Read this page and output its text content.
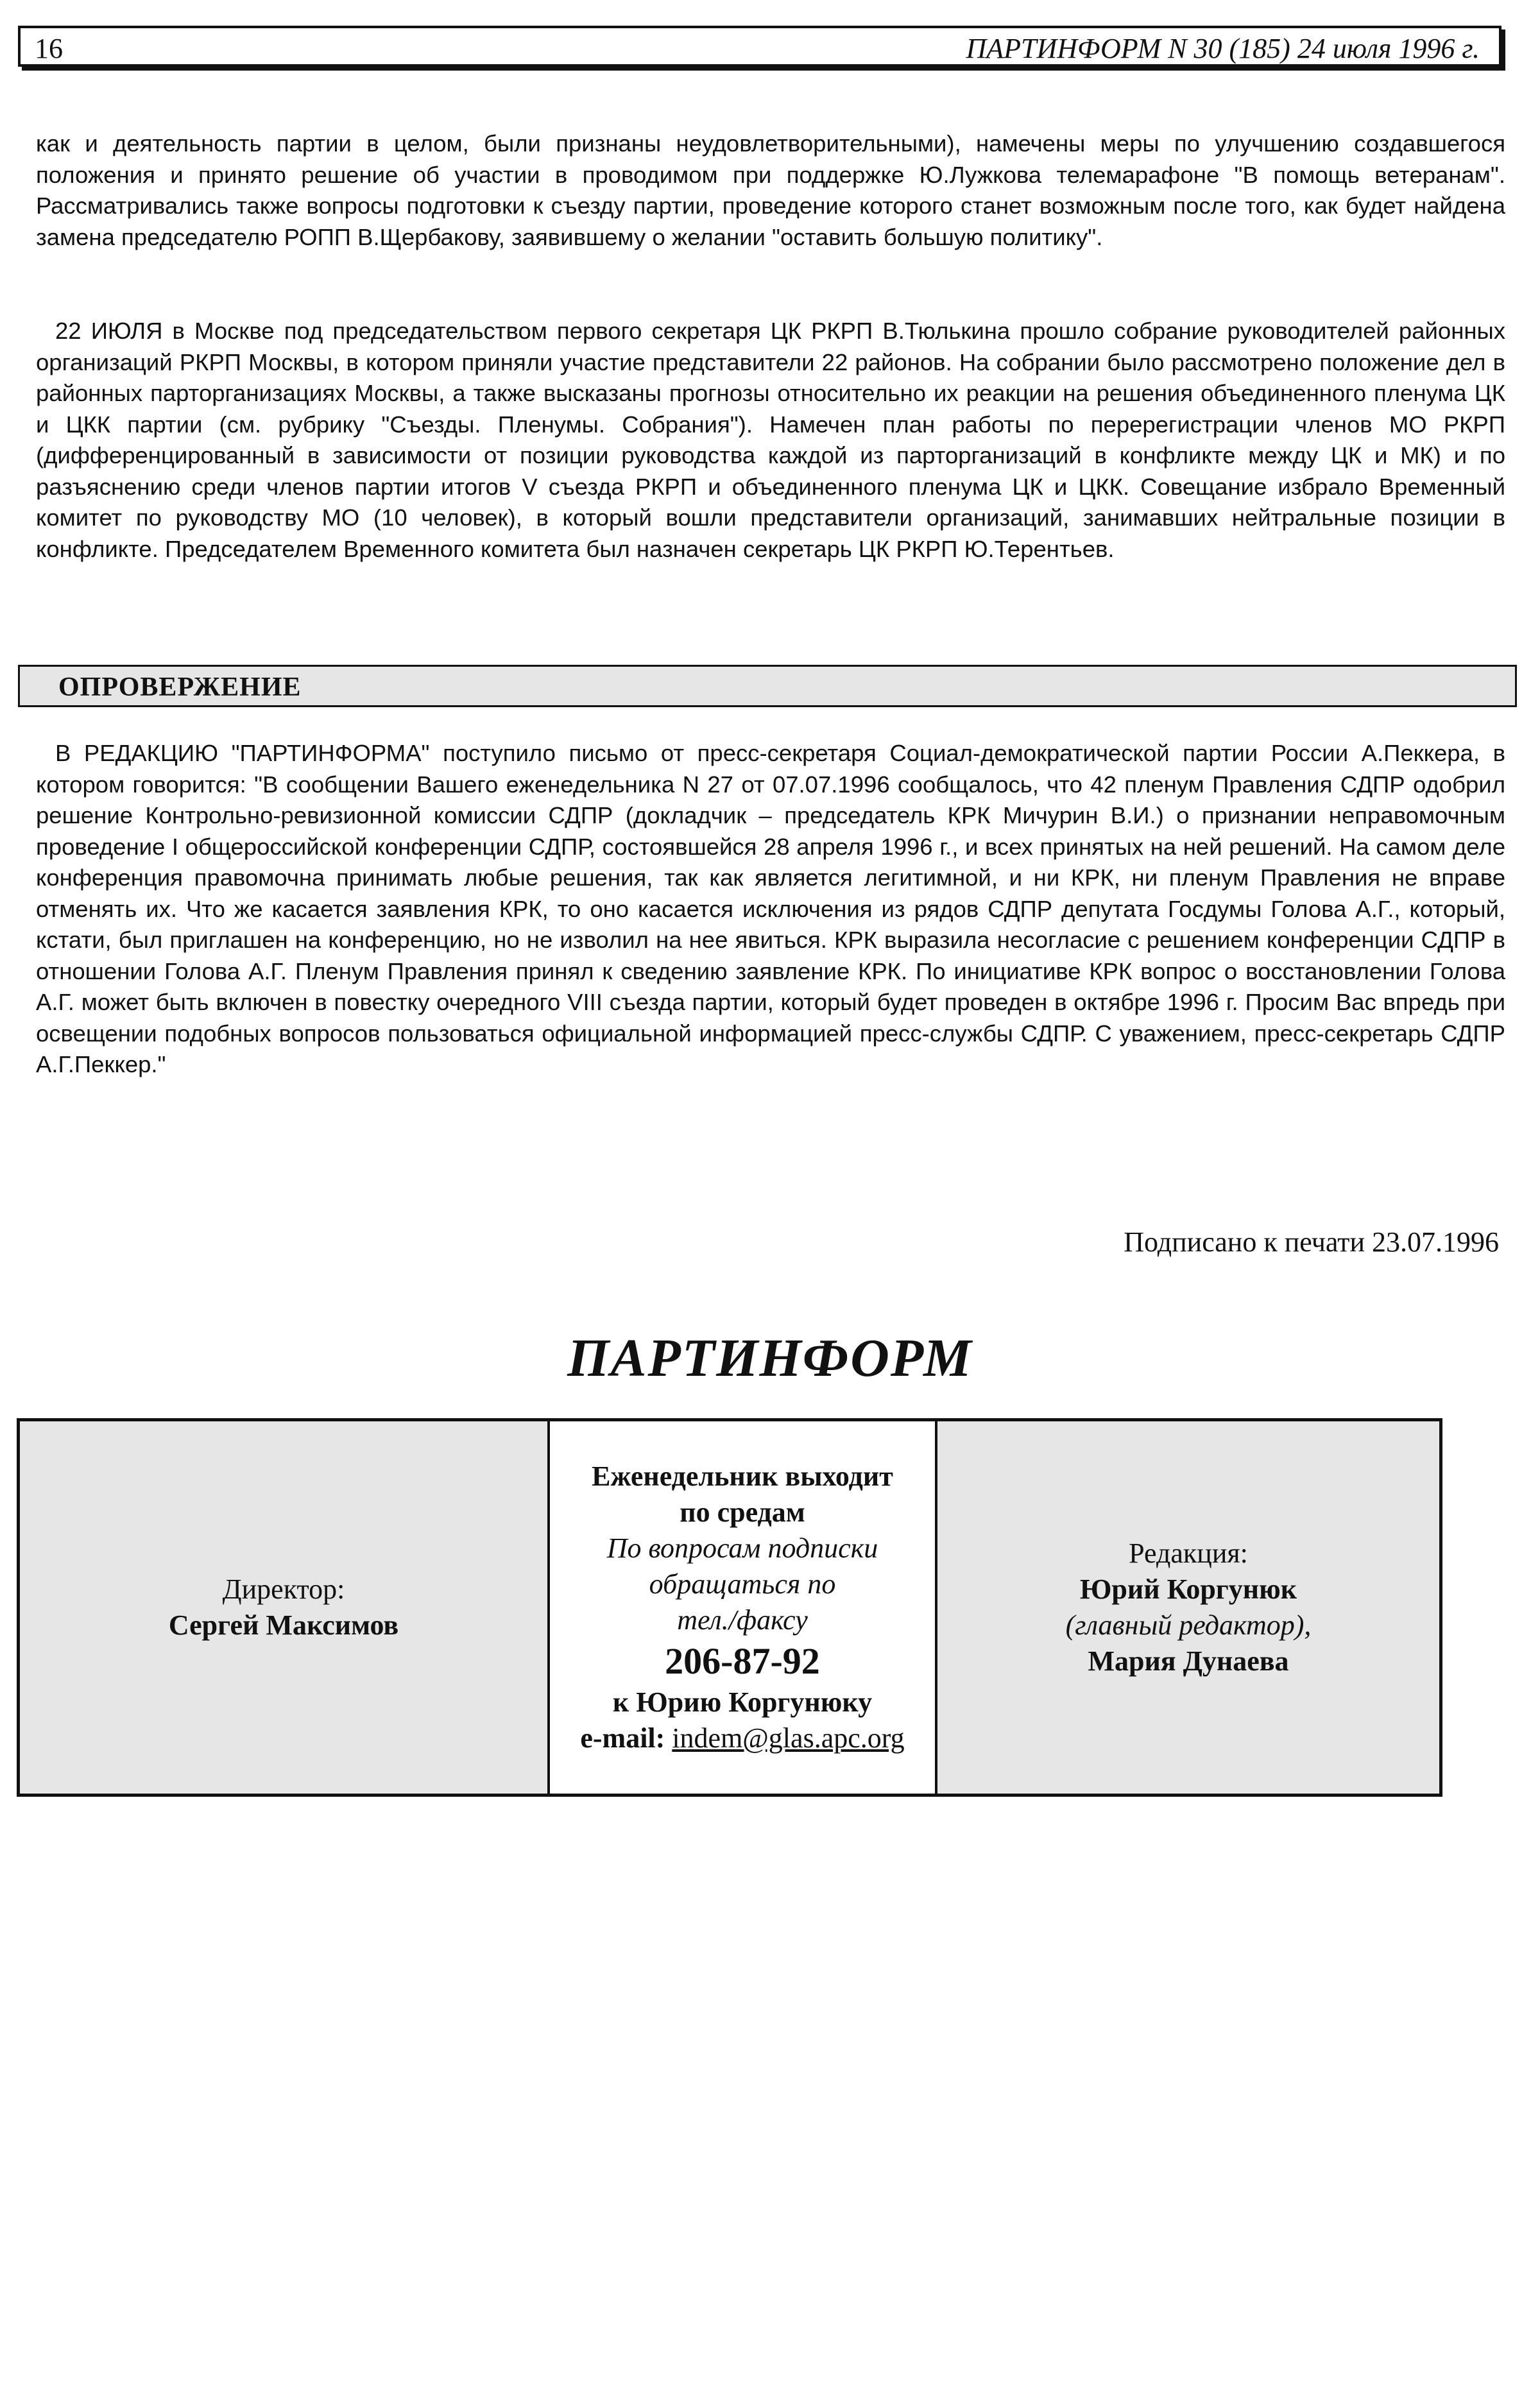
16	ПАРТИНФОРМ N 30 (185) 24 июля 1996 г.

как и деятельность партии в целом, были признаны неудовлетворительными), намечены меры по улучшению создавшегося положения и принято решение об участии в проводимом при поддержке Ю.Лужкова телемарафоне "В помощь ветеранам". Рассматривались также вопросы подготовки к съезду партии, проведение которого станет возможным после того, как будет найдена замена председателю РОПП В.Щербакову, заявившему о желании "оставить большую политику".

22 ИЮЛЯ в Москве под председательством первого секретаря ЦК РКРП В.Тюлькина прошло собрание руководителей районных организаций РКРП Москвы, в котором приняли участие представители 22 районов. На собрании было рассмотрено положение дел в районных парторганизациях Москвы, а также высказаны прогнозы относительно их реакции на решения объединенного пленума ЦК и ЦКК партии (см. рубрику "Съезды. Пленумы. Собрания"). Намечен план работы по перерегистрации членов МО РКРП (дифференцированный в зависимости от позиции руководства каждой из парторганизаций в конфликте между ЦК и МК) и по разъяснению среди членов партии итогов V съезда РКРП и объединенного пленума ЦК и ЦКК. Совещание избрало Временный комитет по руководству МО (10 человек), в который вошли представители организаций, занимавших нейтральные позиции в конфликте. Председателем Временного комитета был назначен секретарь ЦК РКРП Ю.Терентьев.

ОПРОВЕРЖЕНИЕ

В РЕДАКЦИЮ "ПАРТИНФОРМА" поступило письмо от пресс-секретаря Социал-демократической партии России А.Пеккера, в котором говорится: "В сообщении Вашего еженедельника N 27 от 07.07.1996 сообщалось, что 42 пленум Правления СДПР одобрил решение Контрольно-ревизионной комиссии СДПР (докладчик – председатель КРК Мичурин В.И.) о признании неправомочным проведение I общероссийской конференции СДПР, состоявшейся 28 апреля 1996 г., и всех принятых на ней решений. На самом деле конференция правомочна принимать любые решения, так как является легитимной, и ни КРК, ни пленум Правления не вправе отменять их. Что же касается заявления КРК, то оно касается исключения из рядов СДПР депутата Госдумы Голова А.Г., который, кстати, был приглашен на конференцию, но не изволил на нее явиться. КРК выразила несогласие с решением конференции СДПР в отношении Голова А.Г. Пленум Правления принял к сведению заявление КРК. По инициативе КРК вопрос о восстановлении Голова А.Г. может быть включен в повестку очередного VIII съезда партии, который будет проведен в октябре 1996 г. Просим Вас впредь при освещении подобных вопросов пользоваться официальной информацией пресс-службы СДПР. С уважением, пресс-секретарь СДПР А.Г.Пеккер."

Подписано к печати 23.07.1996
ПАРТИНФОРМ
Директор:
Сергей Максимов
Еженедельник выходит
по средам
По вопросам подписки
обращаться по
тел./факсу
206-87-92
к Юрию Коргунюку
e-mail: indem@glas.apc.org
Редакция:
Юрий Коргунюк
(главный редактор),
Мария Дунаева
